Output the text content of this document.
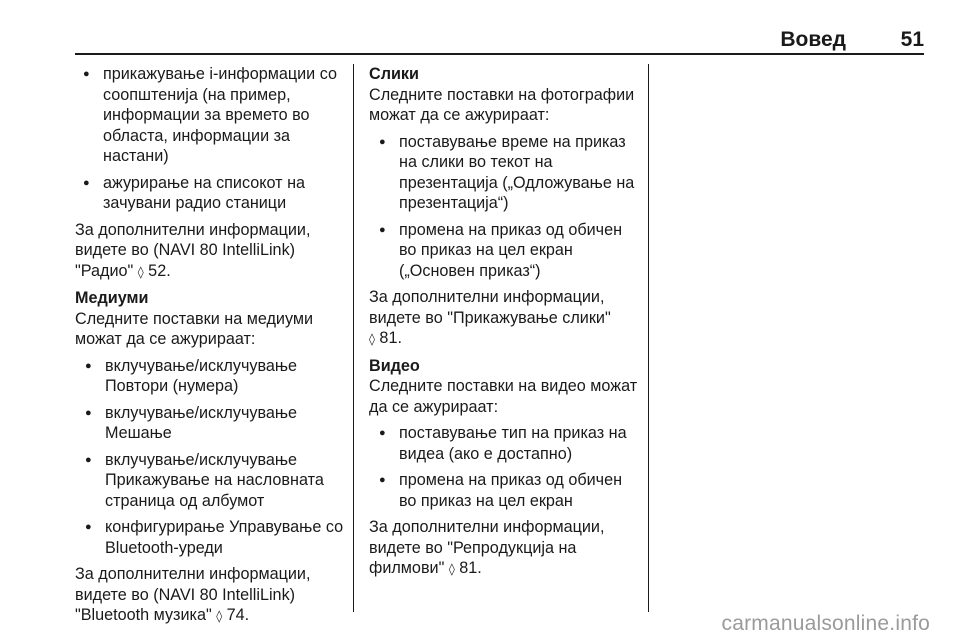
Вовед	51
● прикажување i-информации со соопштенија (на пример, информации за времето во областа, информации за настани)
● ажурирање на списокот на зачувани радио станици

За дополнителни информации, видете во (NAVI 80 IntelliLink) "Радио" ◊ 52.

Медиуми

Следните поставки на медиуми можат да се ажурираат:

● вклучување/исклучување Повтори (нумера)
● вклучување/исклучување Мешање
● вклучување/исклучување Прикажување на насловната страница од албумот
● конфигурирање Управување со Bluetooth-уреди

За дополнителни информации, видете во (NAVI 80 IntelliLink) "Bluetooth музика" ◊ 74.

Слики

Следните поставки на фотографии можат да се ажурираат:

● поставување време на приказ на слики во текот на презентација („Одложување на презентација“)
● промена на приказ од обичен во приказ на цел екран („Основен приказ“)

За дополнителни информации, видете во "Прикажување слики"
◊ 81.

Видео

Следните поставки на видео можат да се ажурираат:

● поставување тип на приказ на видеа (ако е достапно)
● промена на приказ од обичен во приказ на цел екран

За дополнителни информации, видете во "Репродукција на филмови" ◊ 81.

carmanualsonline.info
